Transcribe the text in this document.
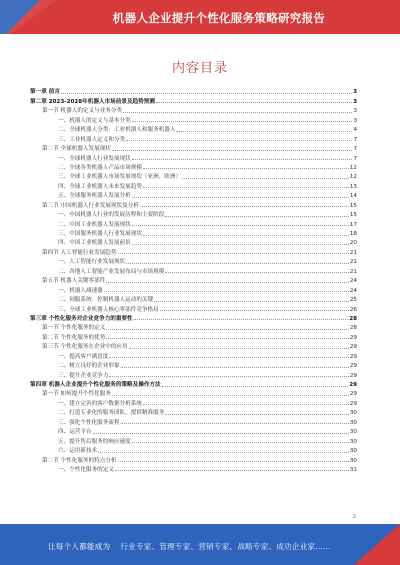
机器人企业提升个性化服务策略研究报告
内容目录
第一章 前言	3
第二章 2023-2028年机器人市场前景及趋势预测	3
第一节 机器人的定义与业务分类	3
一、机器人的定义与基本分类	3
二、全球机器人分类：工业机器人和服务机器人	4
三、工业机器人定义和分类	7
第二节 全球机器人发展现状	7
一、全球机器人行业发展现状	7
二、全球各类机器人产品市场规模	12
三、全球工业机器人市场发展现状（亚洲、欧洲）	12
四、全球工业机器人未来发展趋势	13
五、全球服务机器人发展分析	14
第三节 中国机器人行业发展现状及分析	15
一、中国机器人行业的发展历程和主要阶段	15
二、中国工业机器人发展现状	17
三、中国服务机器人行业发展现状	18
四、中国工业机器人发展前景	20
第四节 人工智能行业发展趋势	21
一、人工智能行业发展现状	21
二、各地人工智能产业发展布局与市场规模	21
第五节 机器人关键零部件	24
一、机器人减速器	24
二、伺服系统：控制机器人运动的关键	25
三、全球工业机器人核心零部件竞争格局	26
第三章 个性化服务对企业竞争力的重要性	28
第一节 个性化服务的定义	28
第二节 个性化服务的优势	29
第三节 个性化服务在企业中的应用	29
一、提高客户满意度	29
二、树立良好的企业形象	29
三、提升企业竞争力	29
第四章 机器人企业提升个性化服务的策略及操作方法	29
第一节 如何提升个性化服务	29
一、建立完善的客户数据分析系统	29
二、打造专业化的服务团队，提供精准服务	30
三、强化个性化服务流程	30
四、运营平台	30
五、提升售后服务的响应速度	30
六、运用新技术	30
第二节 个性化服务的特点分析	30
一、个性化服务的定义	31
2
让每个人都能成为 行业专家、管理专家、营销专家、战略专家、成功企业家……
